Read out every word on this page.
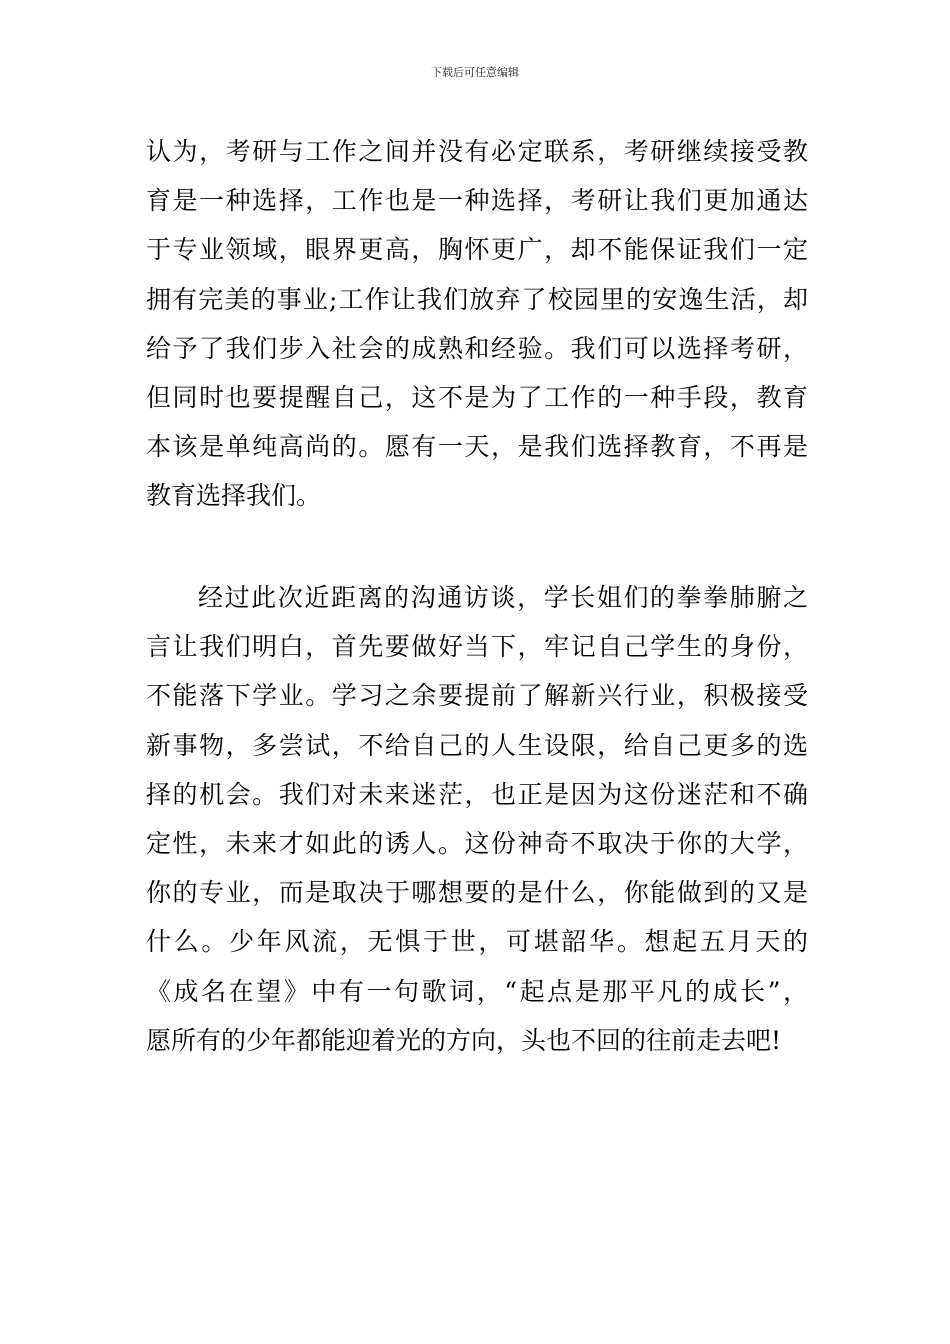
下载后可任意编辑
认为，考研与工作之间并没有必定联系，考研继续接受教
育是一种选择，工作也是一种选择，考研让我们更加通达
于专业领域，眼界更高，胸怀更广，却不能保证我们一定
拥有完美的事业;工作让我们放弃了校园里的安逸生活，却
给予了我们步入社会的成熟和经验。我们可以选择考研，
但同时也要提醒自己，这不是为了工作的一种手段，教育
本该是单纯高尚的。愿有一天，是我们选择教育，不再是
教育选择我们。
经过此次近距离的沟通访谈，学长姐们的拳拳肺腑之
言让我们明白，首先要做好当下，牢记自己学生的身份，
不能落下学业。学习之余要提前了解新兴行业，积极接受
新事物，多尝试，不给自己的人生设限，给自己更多的选
择的机会。我们对未来迷茫，也正是因为这份迷茫和不确
定性，未来才如此的诱人。这份神奇不取决于你的大学，
你的专业，而是取决于哪想要的是什么，你能做到的又是
什么。少年风流，无惧于世，可堪韶华。想起五月天的
《成名在望》中有一句歌词，“起点是那平凡的成长”，
愿所有的少年都能迎着光的方向，头也不回的往前走去吧!
